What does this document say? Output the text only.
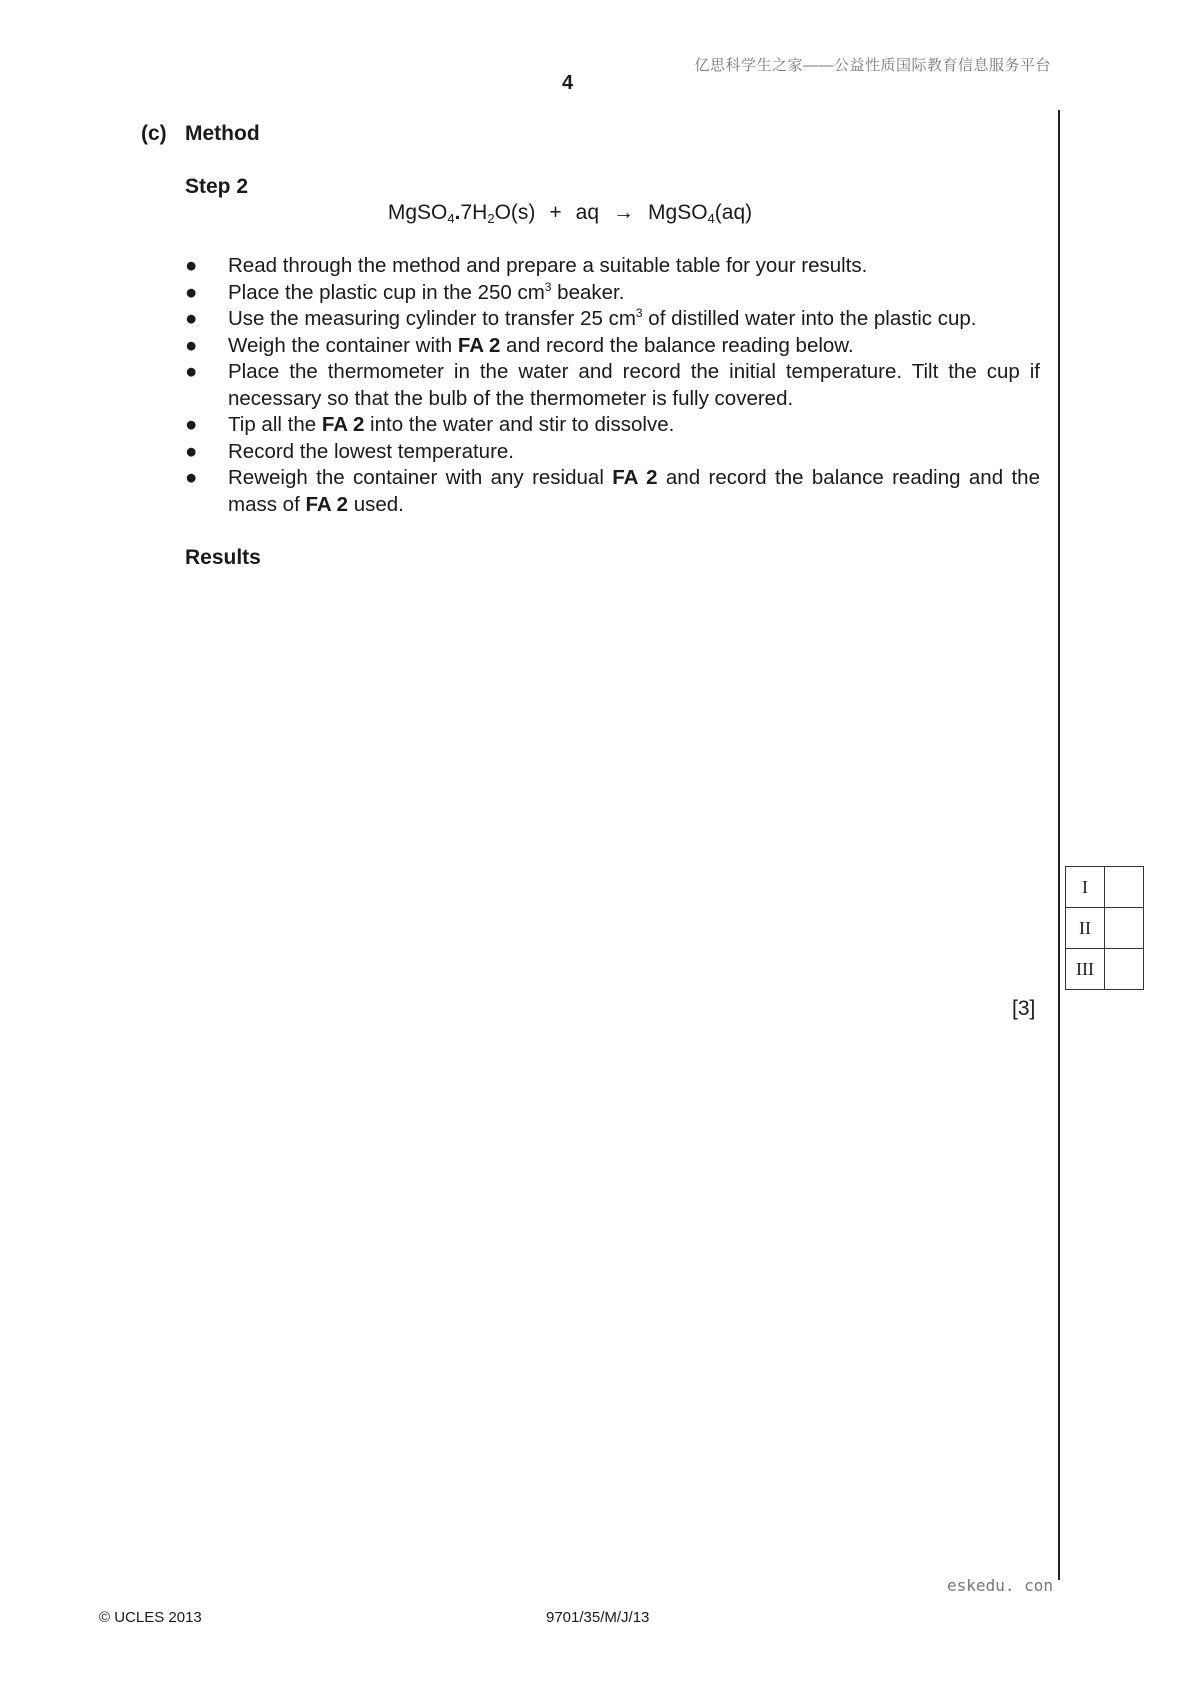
亿思科学生之家——公益性质国际教育信息服务平台
4
(c) Method
Step 2
$MgSO_4.7H_2O(s)$ + aq → MgSO$_4$(aq)
● Read through the method and prepare a suitable table for your results.
● Place the plastic cup in the 250 $cm^3$ beaker.
● Use the measuring cylinder to transfer 25 $cm^3$ of distilled water into the plastic cup.
● Weigh the container with FA 2 and record the balance reading below.
● Place the thermometer in the water and record the initial temperature. Tilt the cup if necessary so that the bulb of the thermometer is fully covered.
● Tip all the FA 2 into the water and stir to dissolve.
● Record the lowest temperature.
● Reweigh the container with any residual FA 2 and record the balance reading and the mass of FA 2 used.
Results
[3]
I	
II	
III	
eskedu. con
© UCLES 2013	9701/35/M/J/13
